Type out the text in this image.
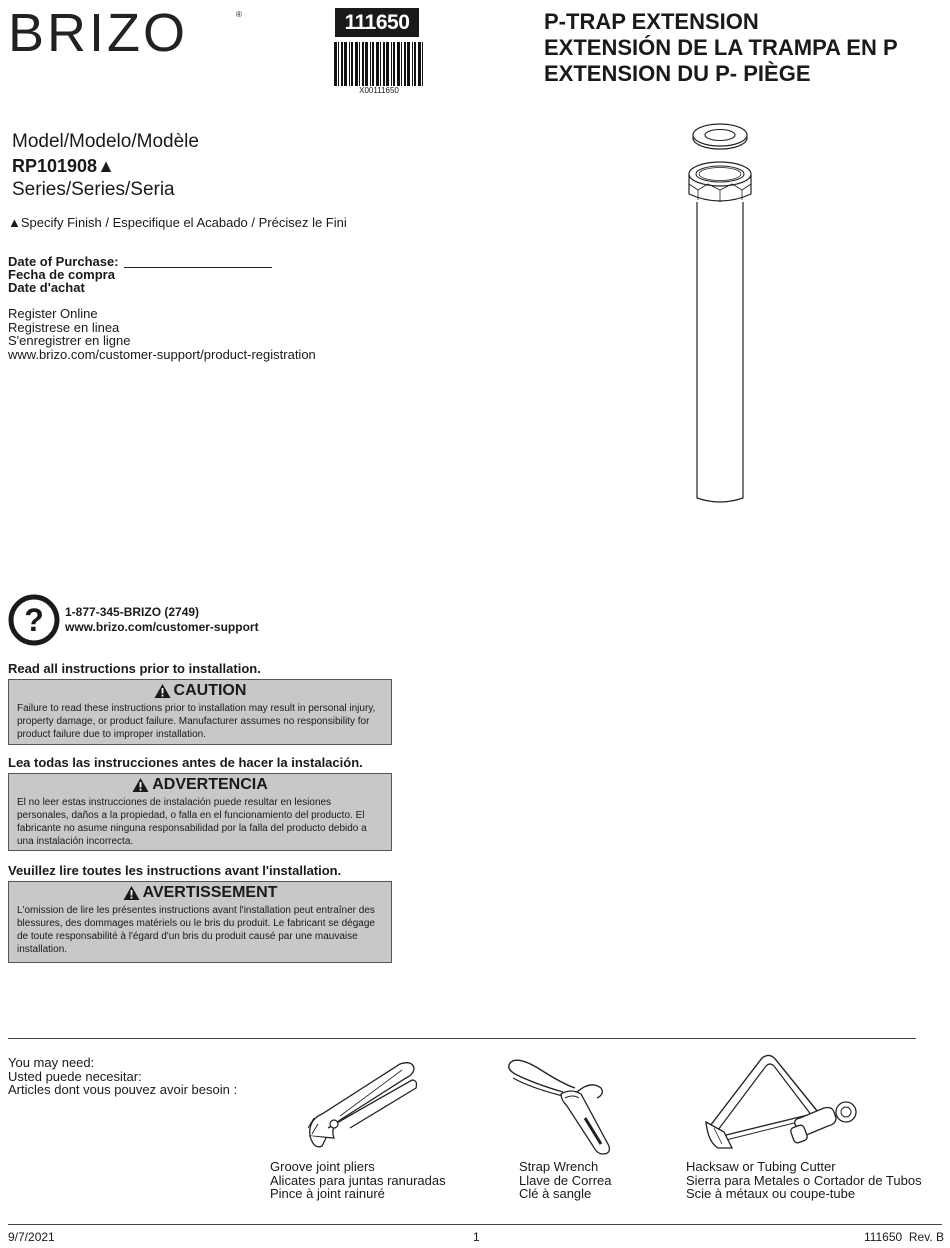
BRIZO	®	111650
X00111650
P-TRAP EXTENSION
EXTENSIÓN DE LA TRAMPA EN P
EXTENSION DU P- PIÈGE
Model/Modelo/Modèle
RP101908▲
Series/Series/Seria
▲Specify Finish / Especifique el Acabado / Précisez le Fini
Date of Purchase:
Fecha de compra
Date d'achat
Register Online
Registrese en linea
S'enregistrer en ligne
www.brizo.com/customer-support/product-registration
? 1-877-345-BRIZO (2749)
www.brizo.com/customer-support
Read all instructions prior to installation.
CAUTION
Failure to read these instructions prior to installation may result in personal injury, property damage, or product failure. Manufacturer assumes no responsibility for product failure due to improper installation.
Lea todas las instrucciones antes de hacer la instalación.
ADVERTENCIA
El no leer estas instrucciones de instalación puede resultar en lesiones personales, daños a la propiedad, o falla en el funcionamiento del producto. El fabricante no asume ninguna responsabilidad por la falla del producto debido a una instalación incorrecta.
Veuillez lire toutes les instructions avant l'installation.
AVERTISSEMENT
L'omission de lire les présentes instructions avant l'installation peut entraîner des blessures, des dommages matériels ou le bris du produit. Le fabricant se dégage de toute responsabilité à l'égard d'un bris du produit causé par une mauvaise installation.
You may need:
Usted puede necesitar:
Articles dont vous pouvez avoir besoin :
Groove joint pliers
Alicates para juntas ranuradas
Pince à joint rainuré
Strap Wrench
Llave de Correa
Clé à sangle
Hacksaw or Tubing Cutter
Sierra para Metales o Cortador de Tubos
Scie à métaux ou coupe-tube
9/7/2021	1	111650  Rev. B
